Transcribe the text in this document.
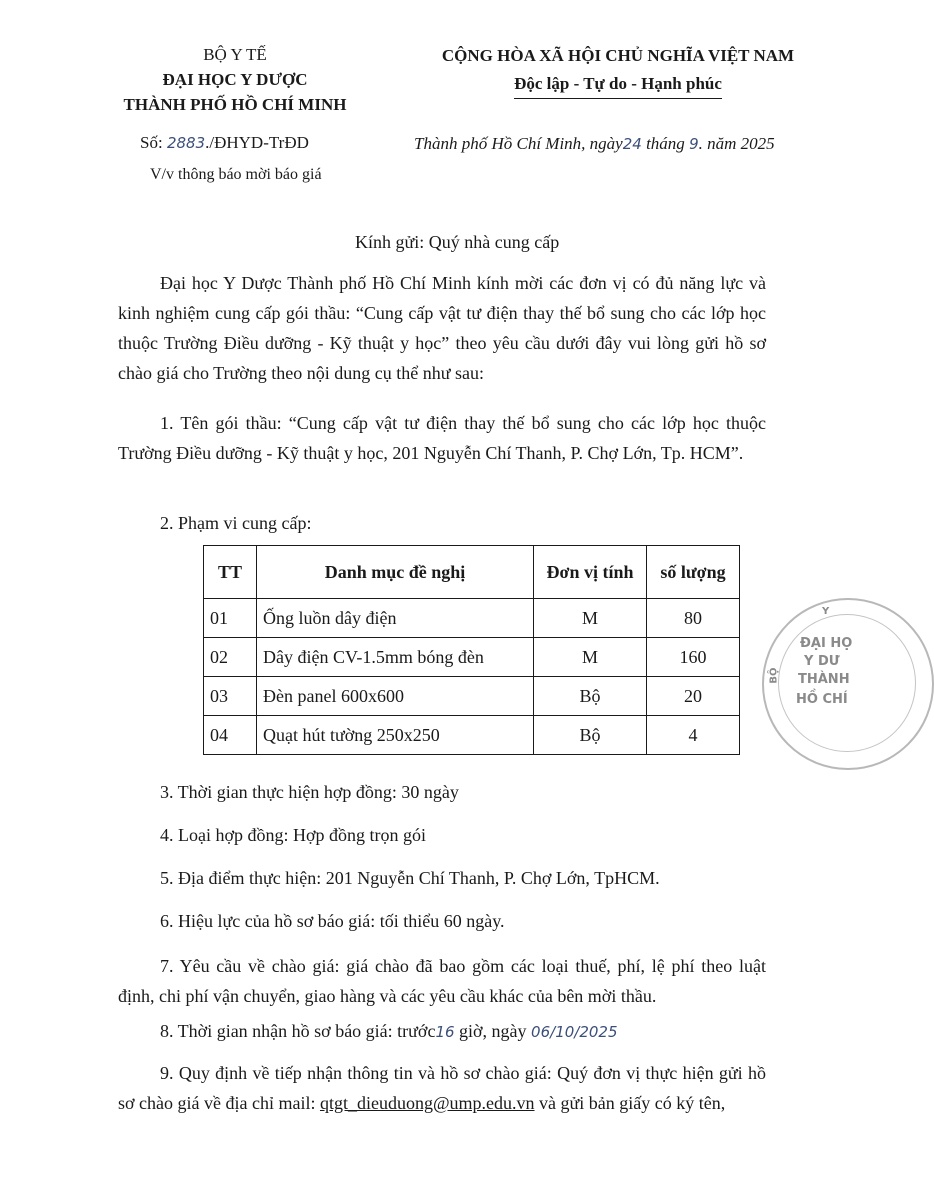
BỘ Y TẾ
ĐẠI HỌC Y DƯỢC
THÀNH PHỐ HỒ CHÍ MINH
Số: 2883./ĐHYD-TrĐD
V/v thông báo mời báo giá
CỘNG HÒA XÃ HỘI CHỦ NGHĨA VIỆT NAM
Độc lập - Tự do - Hạnh phúc
Thành phố Hồ Chí Minh, ngày24 tháng 9. năm 2025
Kính gửi: Quý nhà cung cấp
Đại học Y Dược Thành phố Hồ Chí Minh kính mời các đơn vị có đủ năng lực và kinh nghiệm cung cấp gói thầu: “Cung cấp vật tư điện thay thế bổ sung cho các lớp học thuộc Trường Điều dưỡng - Kỹ thuật y học” theo yêu cầu dưới đây vui lòng gửi hồ sơ chào giá cho Trường theo nội dung cụ thể như sau:
1. Tên gói thầu: “Cung cấp vật tư điện thay thế bổ sung cho các lớp học thuộc Trường Điều dưỡng - Kỹ thuật y học, 201 Nguyễn Chí Thanh, P. Chợ Lớn, Tp. HCM”.
2. Phạm vi cung cấp:
TT	Danh mục đề nghị	Đơn vị tính	số lượng
01	Ống luồn dây điện	M	80
02	Dây điện CV-1.5mm bóng đèn	M	160
03	Đèn panel 600x600	Bộ	20
04	Quạt hút tường 250x250	Bộ	4
Y
BỘ
ĐẠI HỌ
Y DƯ
THÀNH
HỒ CHÍ
3. Thời gian thực hiện hợp đồng: 30 ngày
4. Loại hợp đồng: Hợp đồng trọn gói
5. Địa điểm thực hiện: 201 Nguyễn Chí Thanh, P. Chợ Lớn, TpHCM.
6. Hiệu lực của hồ sơ báo giá: tối thiểu 60 ngày.
7. Yêu cầu về chào giá: giá chào đã bao gồm các loại thuế, phí, lệ phí theo luật định, chi phí vận chuyển, giao hàng và các yêu cầu khác của bên mời thầu.
8. Thời gian nhận hồ sơ báo giá: trước16 giờ, ngày 06/10/2025
9. Quy định về tiếp nhận thông tin và hồ sơ chào giá: Quý đơn vị thực hiện gửi hồ sơ chào giá về địa chỉ mail: qtgt_dieuduong@ump.edu.vn và gửi bản giấy có ký tên,
